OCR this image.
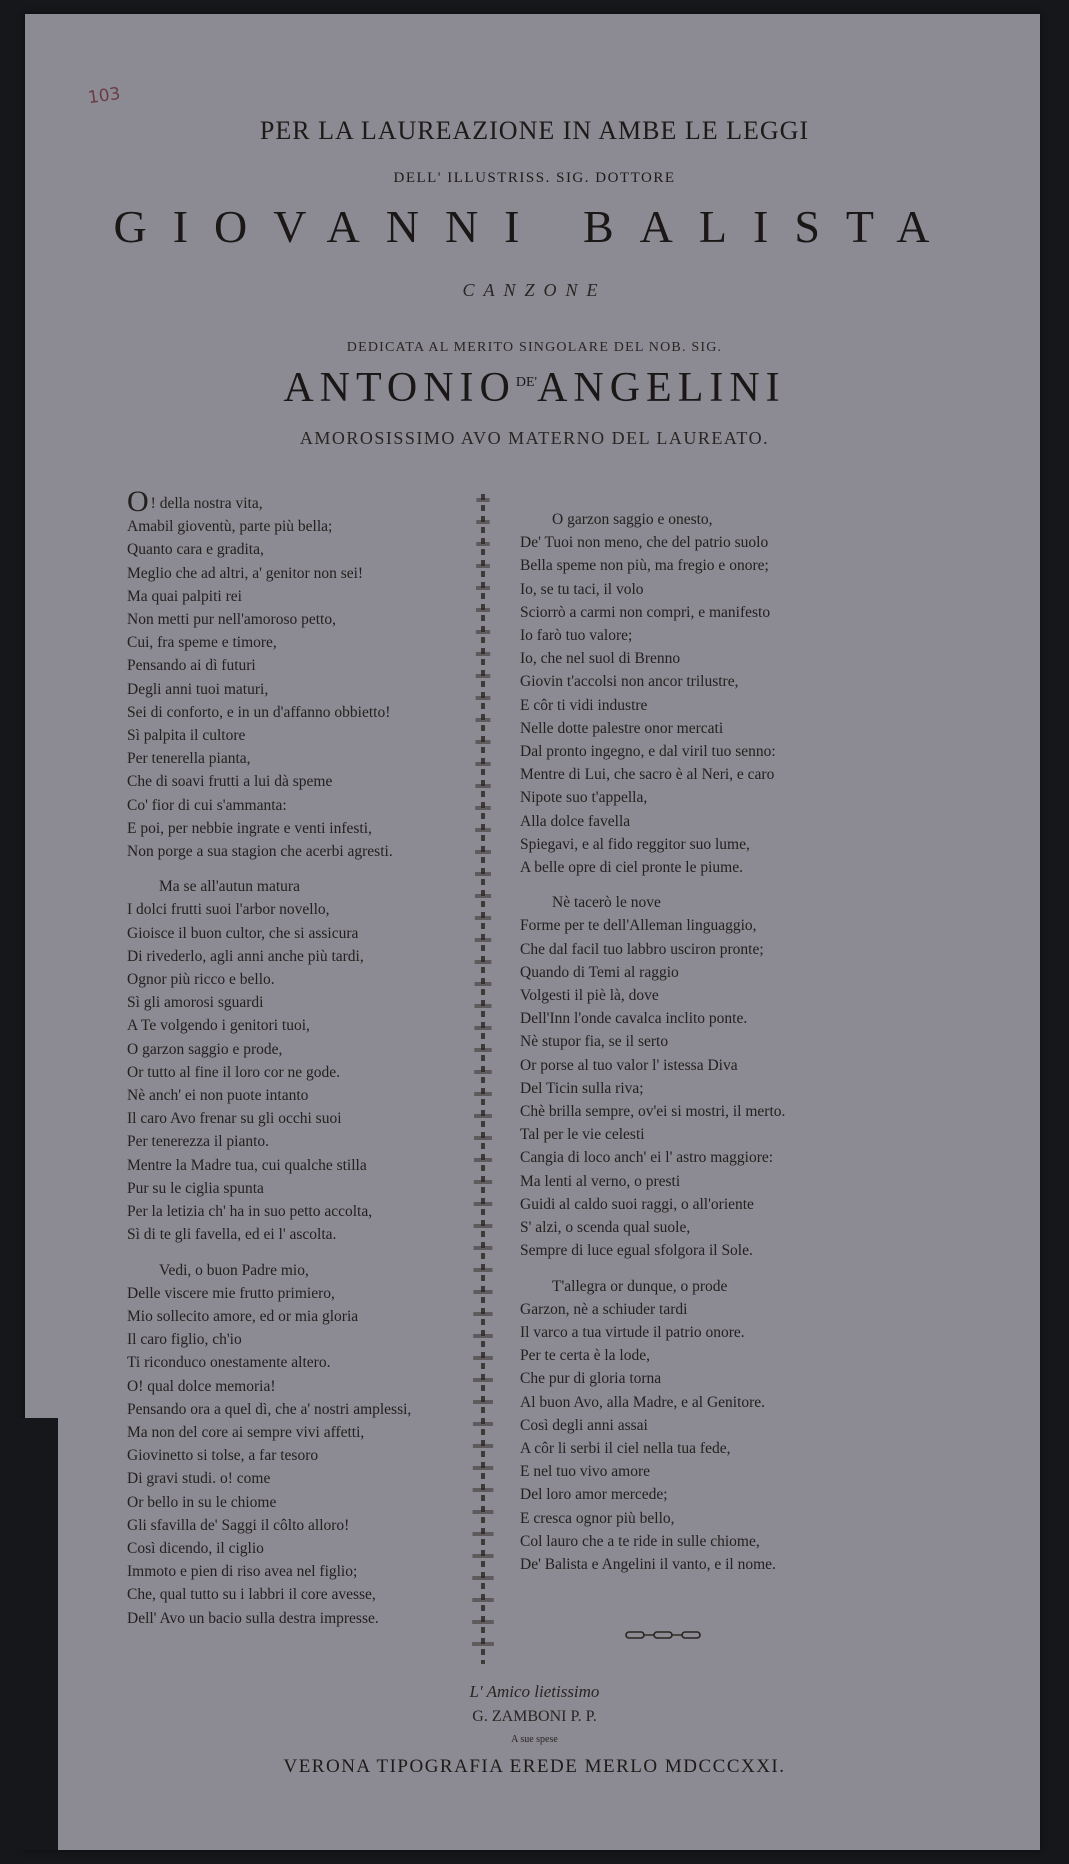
103
PER LA LAUREAZIONE IN AMBE LE LEGGI
DELL' ILLUSTRISS. SIG. DOTTORE
GIOVANNI BALISTA
CANZONE
DEDICATA AL MERITO SINGOLARE DEL NOB. SIG.
$ANTONIO^{DE'}ANGELINI$
AMOROSISSIMO AVO MATERNO DEL LAUREATO.
O ! della nostra vita,
Amabil gioventù, parte più bella;
Quanto cara e gradita,
Meglio che ad altri, a' genitor non sei!
Ma quai palpiti rei
Non metti pur nell'amoroso petto,
Cui, fra speme e timore,
Pensando ai dì futuri
Degli anni tuoi maturi,
Sei di conforto, e in un d'affanno obbietto!
Sì palpita il cultore
Per tenerella pianta,
Che di soavi frutti a lui dà speme
Co' fior di cui s'ammanta:
E poi, per nebbie ingrate e venti infesti,
Non porge a sua stagion che acerbi agresti.
Ma se all'autun matura
I dolci frutti suoi l'arbor novello,
Gioisce il buon cultor, che si assicura
Di rivederlo, agli anni anche più tardi,
Ognor più ricco e bello.
Sì gli amorosi sguardi
A Te volgendo i genitori tuoi,
O garzon saggio e prode,
Or tutto al fine il loro cor ne gode.
Nè anch' ei non puote intanto
Il caro Avo frenar su gli occhi suoi
Per tenerezza il pianto.
Mentre la Madre tua, cui qualche stilla
Pur su le ciglia spunta
Per la letizia ch' ha in suo petto accolta,
Sì di te gli favella, ed ei l' ascolta.
Vedi, o buon Padre mio,
Delle viscere mie frutto primiero,
Mio sollecito amore, ed or mia gloria
Il caro figlio, ch'io
Ti riconduco onestamente altero.
O! qual dolce memoria!
Pensando ora a quel dì, che a' nostri amplessi,
Ma non del core ai sempre vivi affetti,
Giovinetto si tolse, a far tesoro
Di gravi studi. o! come
Or bello in su le chiome
Gli sfavilla de' Saggi il côlto alloro!
Così dicendo, il ciglio
Immoto e pien di riso avea nel figlio;
Che, qual tutto su i labbri il core avesse,
Dell' Avo un bacio sulla destra impresse.
O garzon saggio e onesto,
De' Tuoi non meno, che del patrio suolo
Bella speme non più, ma fregio e onore;
Io, se tu taci, il volo
Sciorrò a carmi non compri, e manifesto
Io farò tuo valore;
Io, che nel suol di Brenno
Giovin t'accolsi non ancor trilustre,
E côr ti vidi industre
Nelle dotte palestre onor mercati
Dal pronto ingegno, e dal viril tuo senno:
Mentre di Lui, che sacro è al Neri, e caro
Nipote suo t'appella,
Alla dolce favella
Spiegavi, e al fido reggitor suo lume,
A belle opre di ciel pronte le piume.
Nè tacerò le nove
Forme per te dell'Alleman linguaggio,
Che dal facil tuo labbro usciron pronte;
Quando di Temi al raggio
Volgesti il piè là, dove
Dell'Inn l'onde cavalca inclito ponte.
Nè stupor fia, se il serto
Or porse al tuo valor l' istessa Diva
Del Ticin sulla riva;
Chè brilla sempre, ov'ei si mostri, il merto.
Tal per le vie celesti
Cangia di loco anch' ei l' astro maggiore:
Ma lenti al verno, o presti
Guidi al caldo suoi raggi, o all'oriente
S' alzi, o scenda qual suole,
Sempre di luce egual sfolgora il Sole.
T'allegra or dunque, o prode
Garzon, nè a schiuder tardi
Il varco a tua virtude il patrio onore.
Per te certa è la lode,
Che pur di gloria torna
Al buon Avo, alla Madre, e al Genitore.
Così degli anni assai
A côr li serbi il ciel nella tua fede,
E nel tuo vivo amore
Del loro amor mercede;
E cresca ognor più bello,
Col lauro che a te ride in sulle chiome,
De' Balista e Angelini il vanto, e il nome.
L' Amico lietissimo
G. ZAMBONI P. P.
A sue spese
VERONA TIPOGRAFIA EREDE MERLO MDCCCXXI.
